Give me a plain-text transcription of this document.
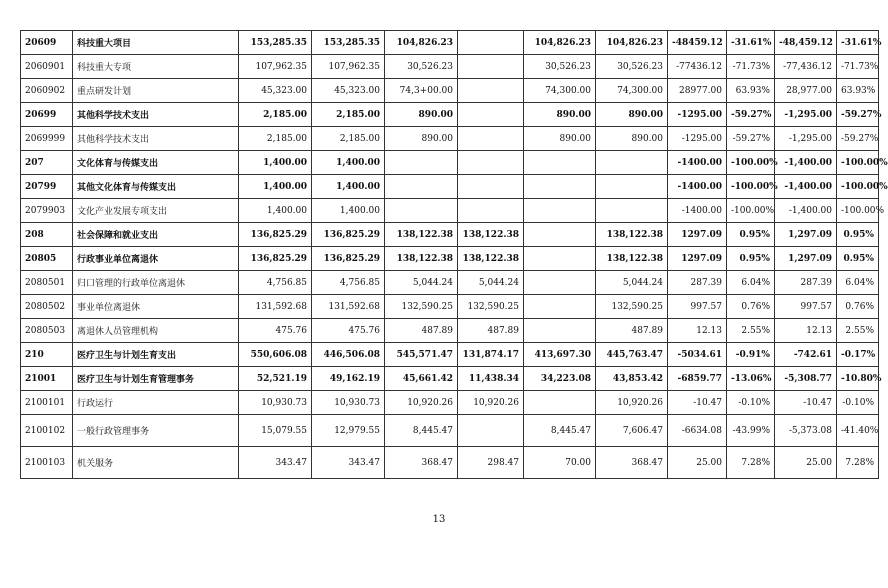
20609	科技重大项目	153,285.35	153,285.35	104,826.23		104,826.23	104,826.23	-48459.12	-31.61%	-48,459.12	-31.61%
2060901	科技重大专项	107,962.35	107,962.35	30,526.23		30,526.23	30,526.23	-77436.12	-71.73%	-77,436.12	-71.73%
2060902	重点研发计划	45,323.00	45,323.00	74,3+00.00		74,300.00	74,300.00	28977.00	63.93%	28,977.00	63.93%
20699	其他科学技术支出	2,185.00	2,185.00	890.00		890.00	890.00	-1295.00	-59.27%	-1,295.00	-59.27%
2069999	其他科学技术支出	2,185.00	2,185.00	890.00		890.00	890.00	-1295.00	-59.27%	-1,295.00	-59.27%
207	文化体育与传媒支出	1,400.00	1,400.00					-1400.00	-100.00%	-1,400.00	-100.00%
20799	其他文化体育与传媒支出	1,400.00	1,400.00					-1400.00	-100.00%	-1,400.00	-100.00%
2079903	文化产业发展专项支出	1,400.00	1,400.00					-1400.00	-100.00%	-1,400.00	-100.00%
208	社会保障和就业支出	136,825.29	136,825.29	138,122.38	138,122.38		138,122.38	1297.09	0.95%	1,297.09	0.95%
20805	行政事业单位离退休	136,825.29	136,825.29	138,122.38	138,122.38		138,122.38	1297.09	0.95%	1,297.09	0.95%
2080501	归口管理的行政单位离退休	4,756.85	4,756.85	5,044.24	5,044.24		5,044.24	287.39	6.04%	287.39	6.04%
2080502	事业单位离退休	131,592.68	131,592.68	132,590.25	132,590.25		132,590.25	997.57	0.76%	997.57	0.76%
2080503	离退休人员管理机构	475.76	475.76	487.89	487.89		487.89	12.13	2.55%	12.13	2.55%
210	医疗卫生与计划生育支出	550,606.08	446,506.08	545,571.47	131,874.17	413,697.30	445,763.47	-5034.61	-0.91%	-742.61	-0.17%
21001	医疗卫生与计划生育管理事务	52,521.19	49,162.19	45,661.42	11,438.34	34,223.08	43,853.42	-6859.77	-13.06%	-5,308.77	-10.80%
2100101	行政运行	10,930.73	10,930.73	10,920.26	10,920.26		10,920.26	-10.47	-0.10%	-10.47	-0.10%
2100102	一般行政管理事务	15,079.55	12,979.55	8,445.47		8,445.47	7,606.47	-6634.08	-43.99%	-5,373.08	-41.40%
2100103	机关服务	343.47	343.47	368.47	298.47	70.00	368.47	25.00	7.28%	25.00	7.28%
13
